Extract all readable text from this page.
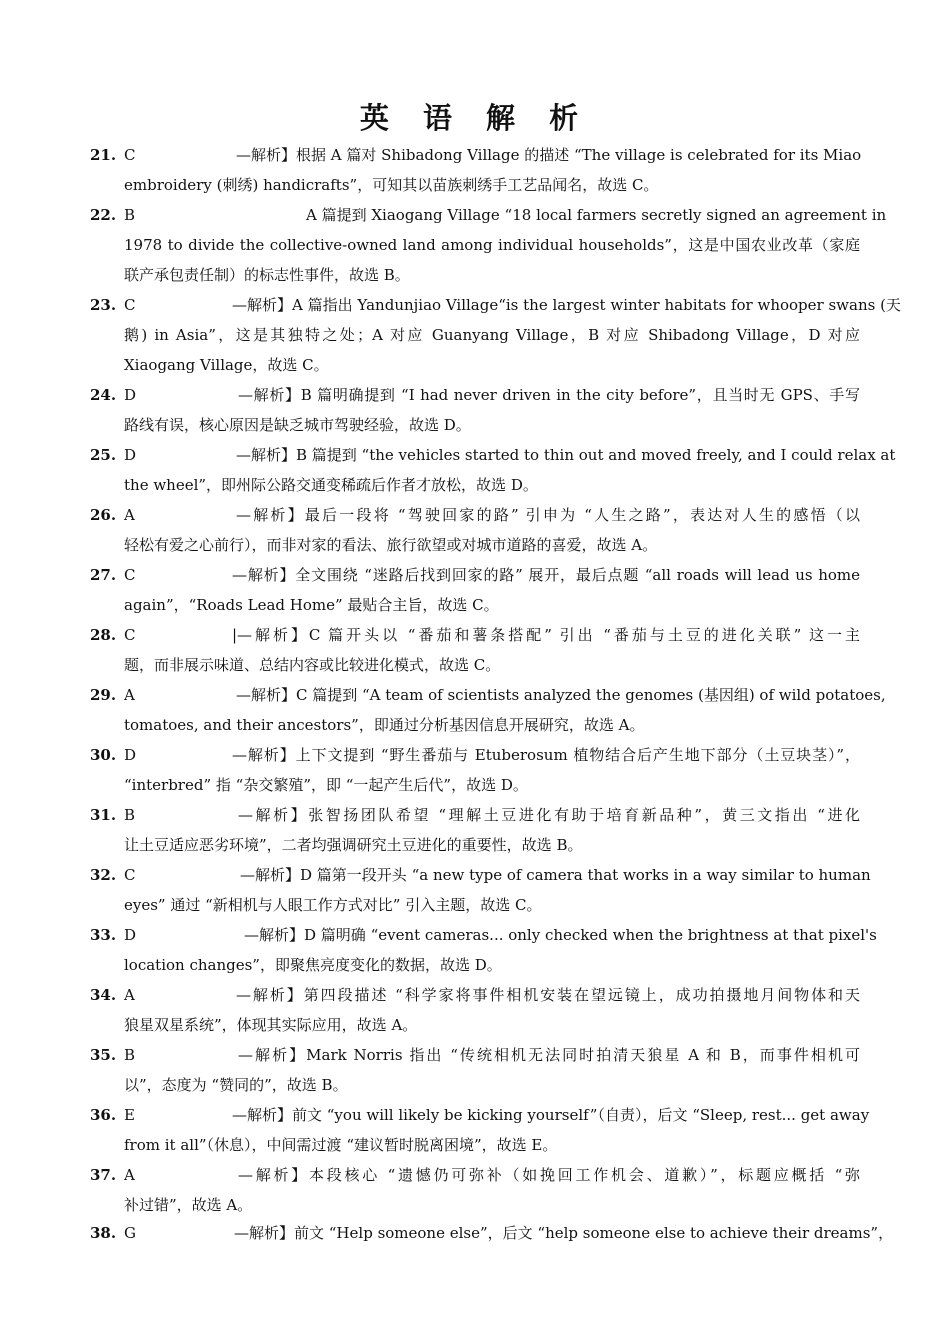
英 语 解 析
21. C	—解析】根据 A 篇对 Shibadong Village 的描述 “The village is celebrated for its Miao
embroidery (刺绣) handicrafts”，可知其以苗族刺绣手工艺品闻名，故选 C。
22. B	A 篇提到 Xiaogang Village “18 local farmers secretly signed an agreement in
1978 to divide the collective-owned land among individual households”，这是中国农业改革（家庭联产承包责任制）的标志性事件，故选 B。
23. C	—解析】A 篇指出 Yandunjiao Village“is the largest winter habitats for whooper swans (天
鹅) in Asia”，这是其独特之处；A 对应 Guanyang Village，B 对应 Shibadong Village，D 对应 Xiaogang Village，故选 C。
24. D	—解析】B 篇明确提到 “I had never driven in the city before”，且当时无 GPS、手写
路线有误，核心原因是缺乏城市驾驶经验，故选 D。
25. D	—解析】B 篇提到 “the vehicles started to thin out and moved freely, and I could relax at
the wheel”，即州际公路交通变稀疏后作者才放松，故选 D。
26. A	—解析】最后一段将 “驾驶回家的路” 引申为 “人生之路”，表达对人生的感悟（以
轻松有爱之心前行），而非对家的看法、旅行欲望或对城市道路的喜爱，故选 A。
27. C	—解析】全文围绕 “迷路后找到回家的路” 展开，最后点题 “all roads will lead us home
again”，“Roads Lead Home” 最贴合主旨，故选 C。
28. C	|—解析】C 篇开头以 “番茄和薯条搭配” 引出 “番茄与土豆的进化关联” 这一主
题，而非展示味道、总结内容或比较进化模式，故选 C。
29. A	—解析】C 篇提到 “A team of scientists analyzed the genomes (基因组) of wild potatoes,
tomatoes, and their ancestors”，即通过分析基因信息开展研究，故选 A。
30. D	—解析】上下文提到 “野生番茄与 Etuberosum 植物结合后产生地下部分（土豆块茎）”，
“interbred” 指 “杂交繁殖”，即 “一起产生后代”，故选 D。
31. B	—解析】张智扬团队希望 “理解土豆进化有助于培育新品种”，黄三文指出 “进化
让土豆适应恶劣环境”，二者均强调研究土豆进化的重要性，故选 B。
32. C	—解析】D 篇第一段开头 “a new type of camera that works in a way similar to human
eyes” 通过 “新相机与人眼工作方式对比” 引入主题，故选 C。
33. D	—解析】D 篇明确 “event cameras... only checked when the brightness at that pixel's
location changes”，即聚焦亮度变化的数据，故选 D。
34. A	—解析】第四段描述 “科学家将事件相机安装在望远镜上，成功拍摄地月间物体和天
狼星双星系统”，体现其实际应用，故选 A。
35. B	—解析】Mark Norris 指出 “传统相机无法同时拍清天狼星 A 和 B，而事件相机可
以”，态度为 “赞同的”，故选 B。
36. E	—解析】前文 “you will likely be kicking yourself”（自责），后文 “Sleep, rest... get away
from it all”（休息），中间需过渡 “建议暂时脱离困境”，故选 E。
37. A	—解析】本段核心 “遗憾仍可弥补（如挽回工作机会、道歉）”，标题应概括 “弥
补过错”，故选 A。
38. G	—解析】前文 “Help someone else”，后文 “help someone else to achieve their dreams”，
